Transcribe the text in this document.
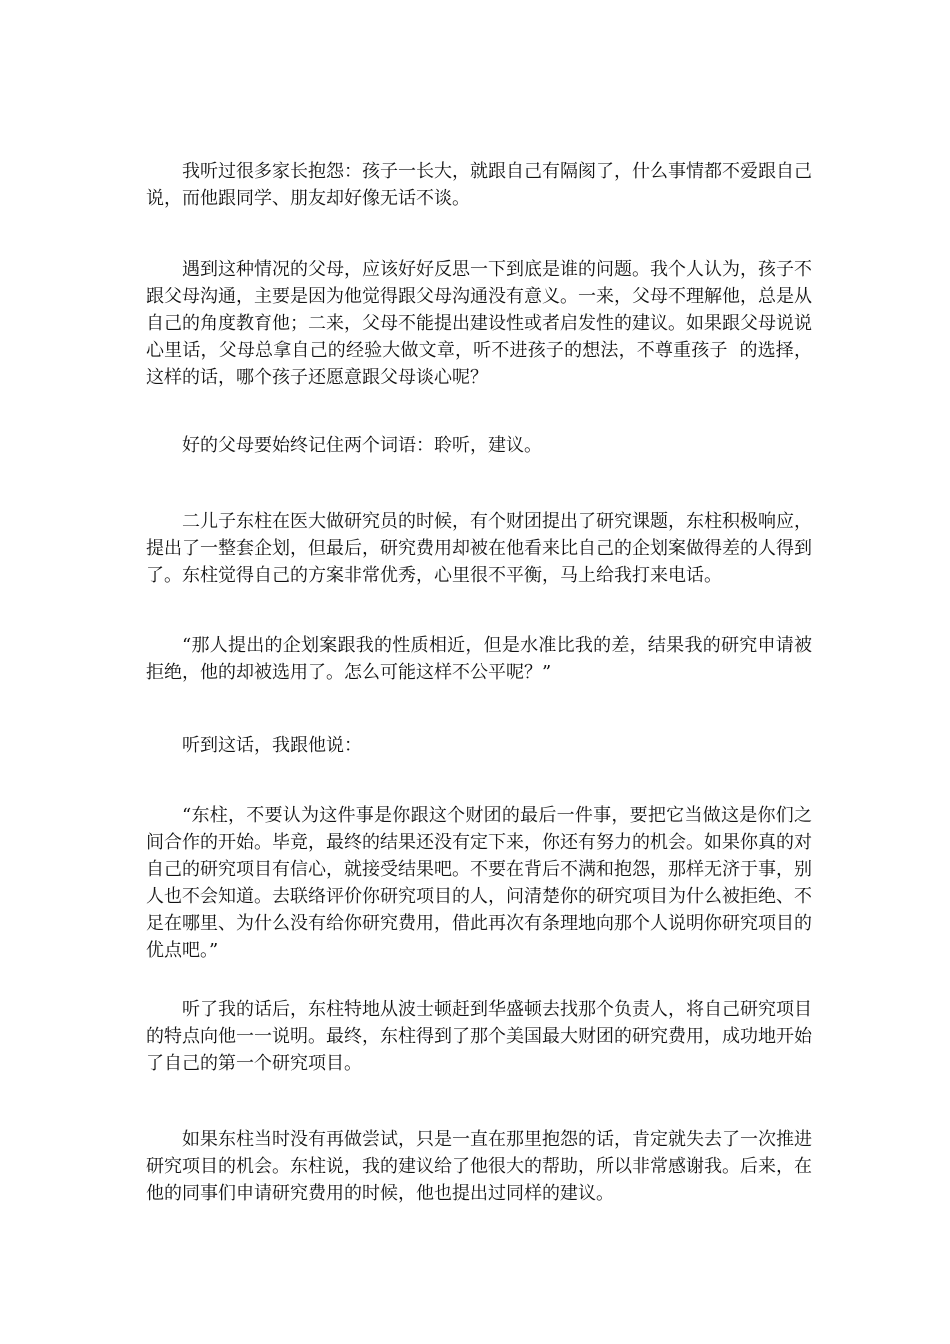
我听过很多家长抱怨：孩子一长大，就跟自己有隔阂了，什么事情都不爱跟自己说，而他跟同学、朋友却好像无话不谈。

遇到这种情况的父母，应该好好反思一下到底是谁的问题。我个人认为，孩子不跟父母沟通，主要是因为他觉得跟父母沟通没有意义。一来，父母不理解他，总是从自己的角度教育他；二来，父母不能提出建设性或者启发性的建议。如果跟父母说说心里话，父母总拿自己的经验大做文章，听不进孩子的想法，不尊重孩子  的选择，这样的话，哪个孩子还愿意跟父母谈心呢？

好的父母要始终记住两个词语：聆听，建议。

二儿子东柱在医大做研究员的时候，有个财团提出了研究课题，东柱积极响应，提出了一整套企划，但最后，研究费用却被在他看来比自己的企划案做得差的人得到了。东柱觉得自己的方案非常优秀，心里很不平衡，马上给我打来电话。

“那人提出的企划案跟我的性质相近，但是水准比我的差，结果我的研究申请被拒绝，他的却被选用了。怎么可能这样不公平呢？”

听到这话，我跟他说：

“东柱，不要认为这件事是你跟这个财团的最后一件事，要把它当做这是你们之间合作的开始。毕竟，最终的结果还没有定下来，你还有努力的机会。如果你真的对自己的研究项目有信心，就接受结果吧。不要在背后不满和抱怨，那样无济于事，别人也不会知道。去联络评价你研究项目的人，问清楚你的研究项目为什么被拒绝、不足在哪里、为什么没有给你研究费用，借此再次有条理地向那个人说明你研究项目的优点吧。”

听了我的话后，东柱特地从波士顿赶到华盛顿去找那个负责人，将自己研究项目的特点向他一一说明。最终，东柱得到了那个美国最大财团的研究费用，成功地开始了自己的第一个研究项目。

如果东柱当时没有再做尝试，只是一直在那里抱怨的话，肯定就失去了一次推进研究项目的机会。东柱说，我的建议给了他很大的帮助，所以非常感谢我。后来，在他的同事们申请研究费用的时候，他也提出过同样的建议。
